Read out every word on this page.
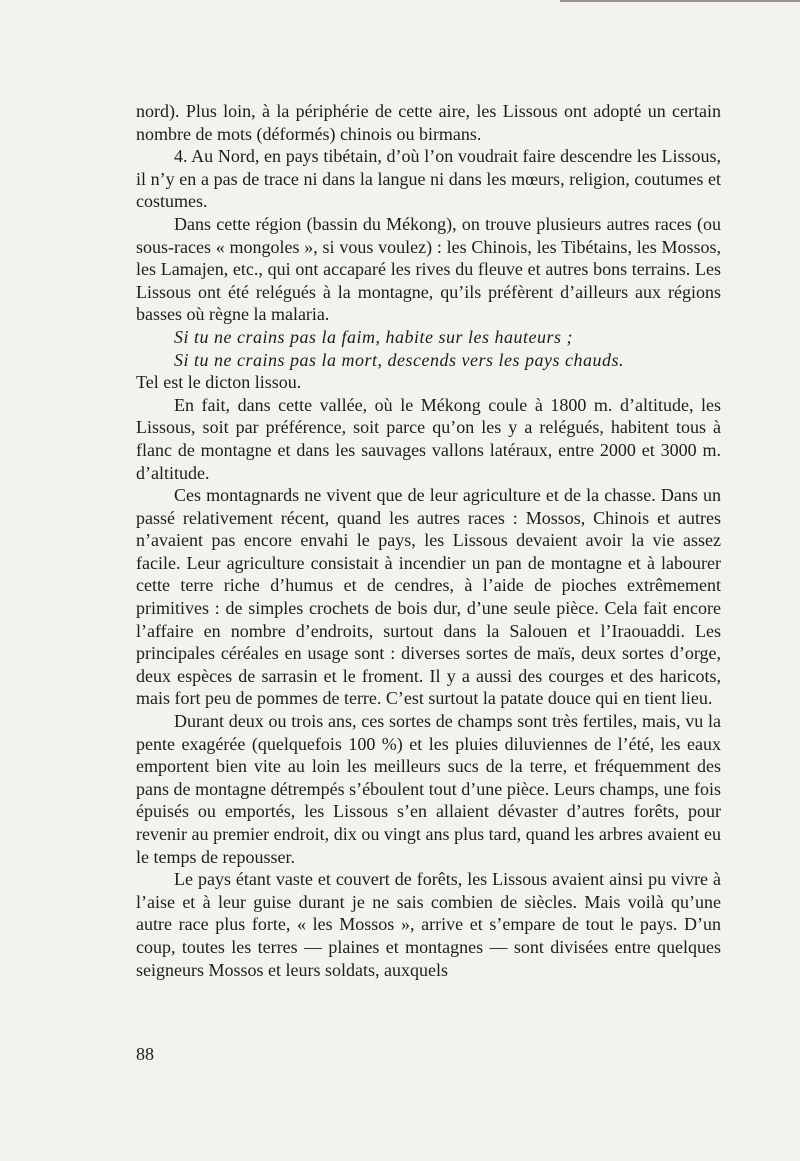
nord). Plus loin, à la périphérie de cette aire, les Lissous ont adopté un certain nombre de mots (déformés) chinois ou birmans.

4. Au Nord, en pays tibétain, d’où l’on voudrait faire descendre les Lissous, il n’y en a pas de trace ni dans la langue ni dans les mœurs, religion, coutumes et costumes.

Dans cette région (bassin du Mékong), on trouve plusieurs autres races (ou sous-races « mongoles », si vous voulez) : les Chinois, les Tibétains, les Mossos, les Lamajen, etc., qui ont accaparé les rives du fleuve et autres bons terrains. Les Lissous ont été relégués à la montagne, qu’ils préfèrent d’ailleurs aux régions basses où règne la malaria.

Si tu ne crains pas la faim, habite sur les hauteurs ;

Si tu ne crains pas la mort, descends vers les pays chauds.

Tel est le dicton lissou.

En fait, dans cette vallée, où le Mékong coule à 1800 m. d’altitude, les Lissous, soit par préférence, soit parce qu’on les y a relégués, habitent tous à flanc de montagne et dans les sauvages vallons latéraux, entre 2000 et 3000 m. d’altitude.

Ces montagnards ne vivent que de leur agriculture et de la chasse. Dans un passé relativement récent, quand les autres races : Mossos, Chinois et autres n’avaient pas encore envahi le pays, les Lissous devaient avoir la vie assez facile. Leur agriculture consistait à incendier un pan de montagne et à labourer cette terre riche d’humus et de cendres, à l’aide de pioches extrêmement primitives : de simples crochets de bois dur, d’une seule pièce. Cela fait encore l’affaire en nombre d’endroits, surtout dans la Salouen et l’Iraouaddi. Les principales céréales en usage sont : diverses sortes de maïs, deux sortes d’orge, deux espèces de sarrasin et le froment. Il y a aussi des courges et des haricots, mais fort peu de pommes de terre. C’est surtout la patate douce qui en tient lieu.

Durant deux ou trois ans, ces sortes de champs sont très fertiles, mais, vu la pente exagérée (quelquefois 100 %) et les pluies diluviennes de l’été, les eaux emportent bien vite au loin les meilleurs sucs de la terre, et fréquemment des pans de montagne détrempés s’éboulent tout d’une pièce. Leurs champs, une fois épuisés ou emportés, les Lissous s’en allaient dévaster d’autres forêts, pour revenir au premier endroit, dix ou vingt ans plus tard, quand les arbres avaient eu le temps de repousser.

Le pays étant vaste et couvert de forêts, les Lissous avaient ainsi pu vivre à l’aise et à leur guise durant je ne sais combien de siècles. Mais voilà qu’une autre race plus forte, « les Mossos », arrive et s’empare de tout le pays. D’un coup, toutes les terres — plaines et montagnes — sont divisées entre quelques seigneurs Mossos et leurs soldats, auxquels

88
